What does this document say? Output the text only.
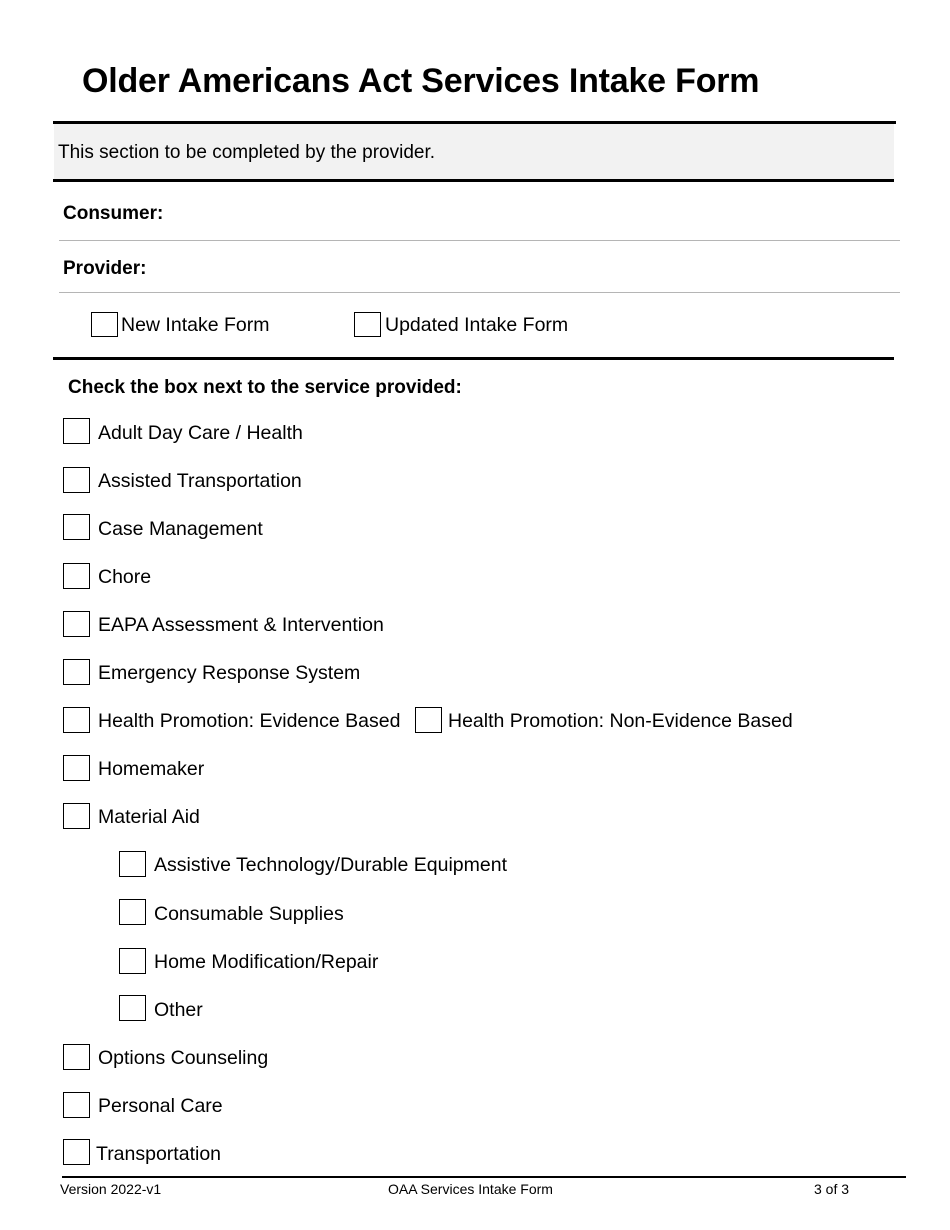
Older Americans Act Services Intake Form
This section to be completed by the provider.
Consumer:
Provider:
New Intake Form	Updated Intake Form
Check the box next to the service provided:
Adult Day Care / Health
Assisted Transportation
Case Management
Chore
EAPA Assessment & Intervention
Emergency Response System
Health Promotion: Evidence Based Health Promotion: Non-Evidence Based
Homemaker
Material Aid
Assistive Technology/Durable Equipment
Consumable Supplies
Home Modification/Repair
Other
Options Counseling
Personal Care
Transportation
Version 2022-v1	OAA Services Intake Form	3 of 3
